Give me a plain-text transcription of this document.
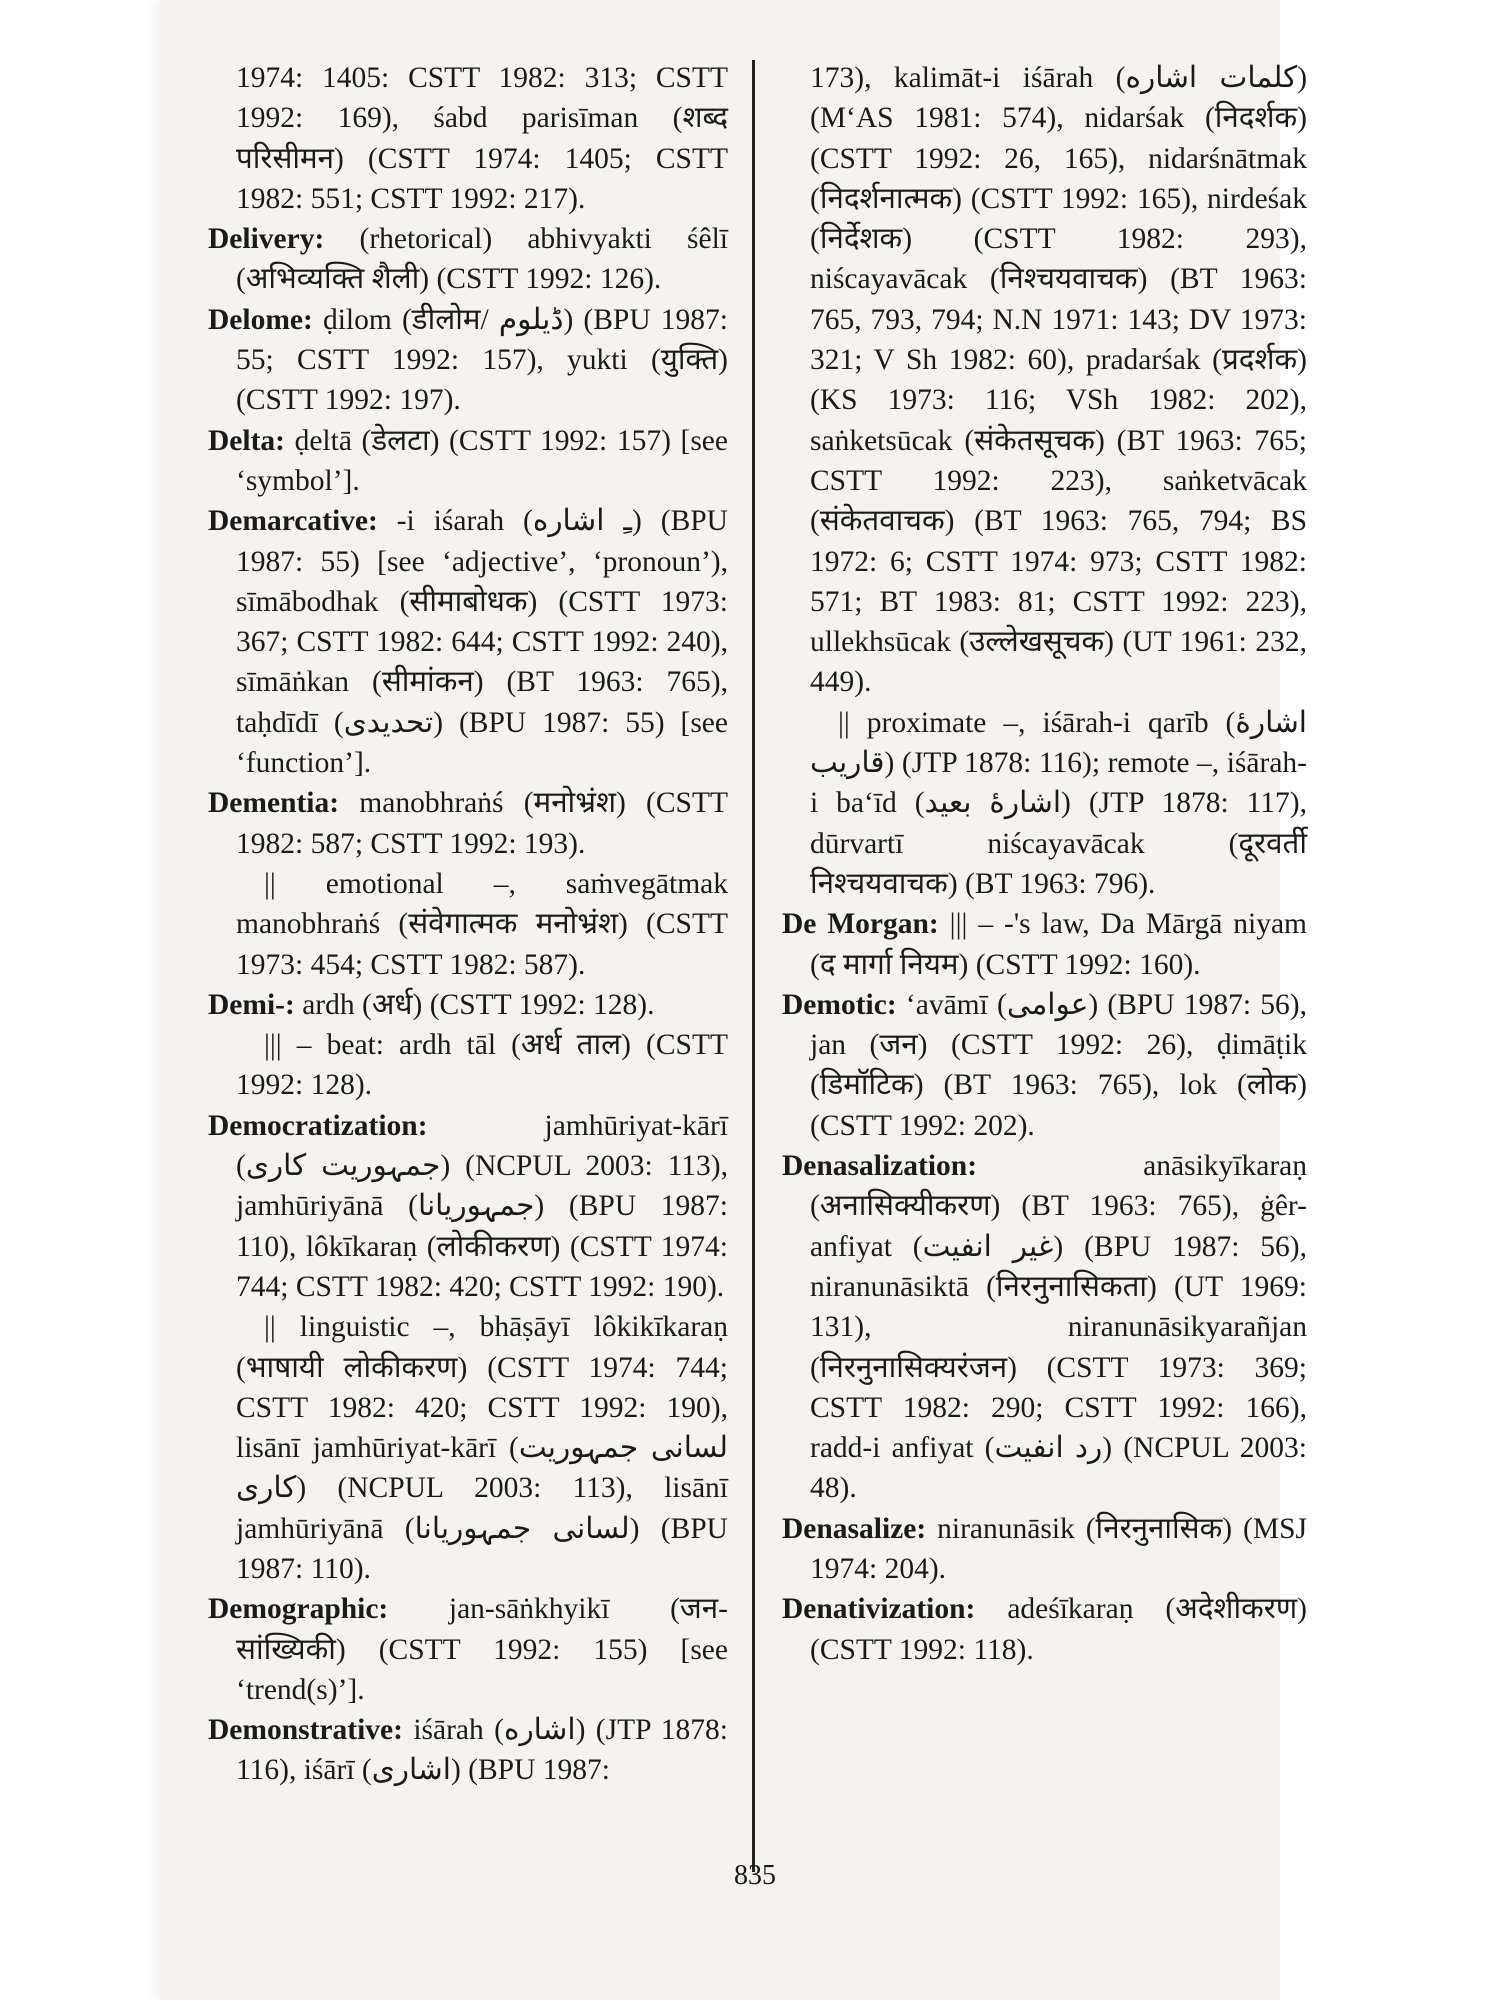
1974: 1405: CSTT 1982: 313; CSTT 1992: 169), śabd parisīman (शब्द परिसीमन) (CSTT 1974: 1405; CSTT 1982: 551; CSTT 1992: 217).

Delivery: (rhetorical) abhivyakti śêlī (अभिव्यक्ति शैली) (CSTT 1992: 126).

Delome: ḍilom (डीलोम/ ڈیلوم) (BPU 1987: 55; CSTT 1992: 157), yukti (युक्ति) (CSTT 1992: 197).

Delta: ḍeltā (डेलटा) (CSTT 1992: 157) [see ‘symbol’].

Demarcative: -i iśarah (ـِ اشاره) (BPU 1987: 55) [see ‘adjective’, ‘pronoun’), sīmābodhak (सीमाबोधक) (CSTT 1973: 367; CSTT 1982: 644; CSTT 1992: 240), sīmāṅkan (सीमांकन) (BT 1963: 765), taḥdīdī (تحدیدی) (BPU 1987: 55) [see ‘function’].

Dementia: manobhraṅś (मनोभ्रंश) (CSTT 1982: 587; CSTT 1992: 193).

|| emotional –, saṁvegātmak manobhraṅś (संवेगात्मक मनोभ्रंश) (CSTT 1973: 454; CSTT 1982: 587).

Demi-: ardh (अर्ध) (CSTT 1992: 128).

||| – beat: ardh tāl (अर्ध ताल) (CSTT 1992: 128).

Democratization: jamhūriyat-kārī (جمہوریت کاری) (NCPUL 2003: 113), jamhūriyānā (جمہوریانا) (BPU 1987: 110), lôkīkaraṇ (लोकीकरण) (CSTT 1974: 744; CSTT 1982: 420; CSTT 1992: 190).

|| linguistic –, bhāṣāyī lôkikīkaraṇ (भाषायी लोकीकरण) (CSTT 1974: 744; CSTT 1982: 420; CSTT 1992: 190), lisānī jamhūriyat-kārī (لسانی جمہوریت کاری) (NCPUL 2003: 113), lisānī jamhūriyānā (لسانی جمہوریانا) (BPU 1987: 110).

Demographic: jan-sāṅkhyikī (जन-सांख्यिकी) (CSTT 1992: 155) [see ‘trend(s)’].

Demonstrative: iśārah (اشاره) (JTP 1878: 116), iśārī (اشاری) (BPU 1987:

173), kalimāt-i iśārah (کلمات اشاره) (M‘AS 1981: 574), nidarśak (निदर्शक)(CSTT 1992: 26, 165), nidarśnātmak (निदर्शनात्मक) (CSTT 1992: 165), nirdeśak (निर्देशक) (CSTT 1982: 293), niścayavācak (निश्चयवाचक) (BT 1963: 765, 793, 794; N.N 1971: 143; DV 1973: 321; V Sh 1982: 60), pradarśak (प्रदर्शक) (KS 1973: 116; VSh 1982: 202), saṅketsūcak (संकेतसूचक) (BT 1963: 765; CSTT 1992: 223), saṅketvācak (संकेतवाचक) (BT 1963: 765, 794; BS 1972: 6; CSTT 1974: 973; CSTT 1982: 571; BT 1983: 81; CSTT 1992: 223), ullekhsūcak (उल्लेखसूचक) (UT 1961: 232, 449).

|| proximate –, iśārah-i qarīb (اشارهٔ قاریب) (JTP 1878: 116); remote –, iśārah-i ba‘īd (اشارهٔ بعید) (JTP 1878: 117), dūrvartī niścayavācak (दूरवर्ती निश्चयवाचक) (BT 1963: 796).

De Morgan: ||| – -'s law, Da Mārgā niyam (द मार्गा नियम) (CSTT 1992: 160).

Demotic: ‘avāmī (عوامی) (BPU 1987: 56), jan (जन) (CSTT 1992: 26), ḍimāṭik (डिमॉटिक) (BT 1963: 765), lok (लोक) (CSTT 1992: 202).

Denasalization: anāsikyīkaraṇ (अनासिक्यीकरण) (BT 1963: 765), ġêr-anfiyat (غیر انفیت) (BPU 1987: 56), niranunāsiktā (निरनुनासिकता) (UT 1969: 131), niranunāsikyarañjan (निरनुनासिक्यरंजन) (CSTT 1973: 369; CSTT 1982: 290; CSTT 1992: 166), radd-i anfiyat (رد انفیت) (NCPUL 2003: 48).

Denasalize: niranunāsik (निरनुनासिक) (MSJ 1974: 204).

Denativization: adeśīkaraṇ (अदेशीकरण) (CSTT 1992: 118).

835
